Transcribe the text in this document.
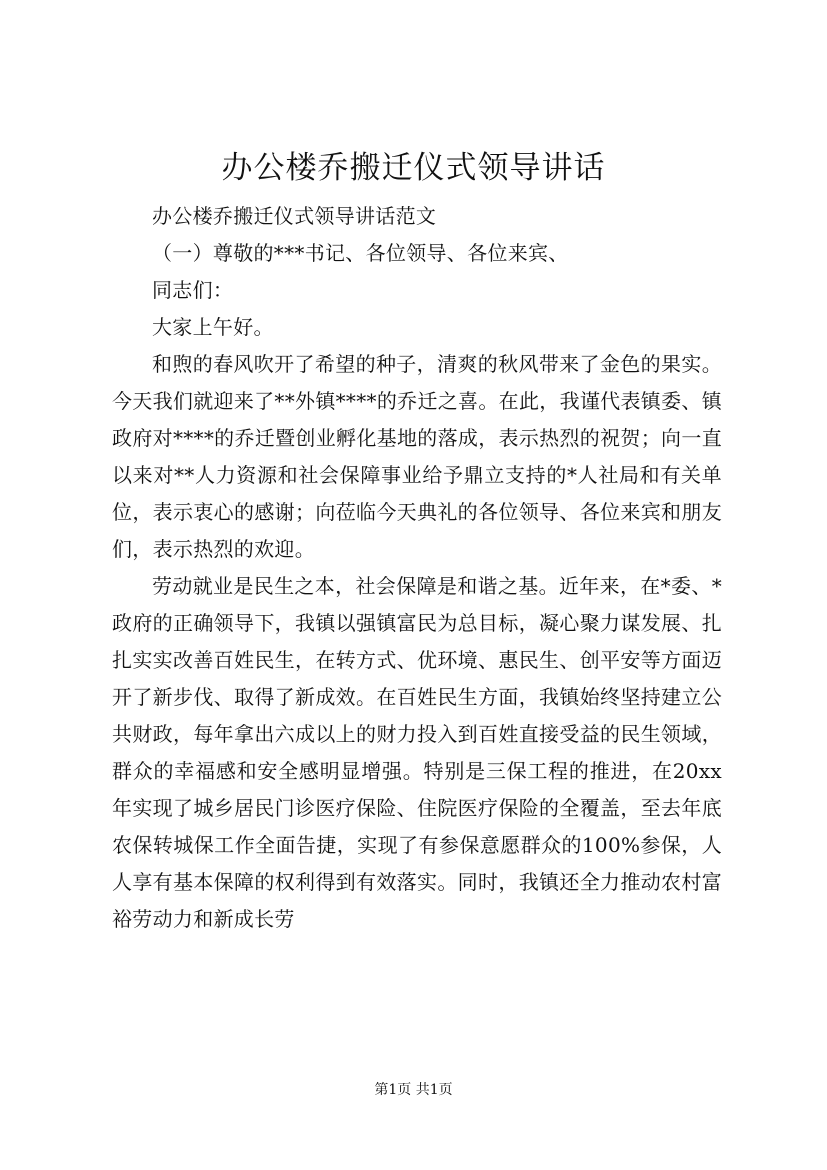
办公楼乔搬迁仪式领导讲话

办公楼乔搬迁仪式领导讲话范文

（一）尊敬的***书记、各位领导、各位来宾、

同志们：

大家上午好。

和煦的春风吹开了希望的种子，清爽的秋风带来了金色的果实。今天我们就迎来了**外镇****的乔迁之喜。在此，我谨代表镇委、镇政府对****的乔迁暨创业孵化基地的落成，表示热烈的祝贺；向一直以来对**人力资源和社会保障事业给予鼎立支持的*人社局和有关单位，表示衷心的感谢；向莅临今天典礼的各位领导、各位来宾和朋友们，表示热烈的欢迎。

劳动就业是民生之本，社会保障是和谐之基。近年来，在*委、*政府的正确领导下，我镇以强镇富民为总目标，凝心聚力谋发展、扎扎实实改善百姓民生，在转方式、优环境、惠民生、创平安等方面迈开了新步伐、取得了新成效。在百姓民生方面，我镇始终坚持建立公共财政，每年拿出六成以上的财力投入到百姓直接受益的民生领域，群众的幸福感和安全感明显增强。特别是三保工程的推进，在20xx年实现了城乡居民门诊医疗保险、住院医疗保险的全覆盖，至去年底农保转城保工作全面告捷，实现了有参保意愿群众的100%参保，人人享有基本保障的权利得到有效落实。同时，我镇还全力推动农村富裕劳动力和新成长劳

第1页 共1页
